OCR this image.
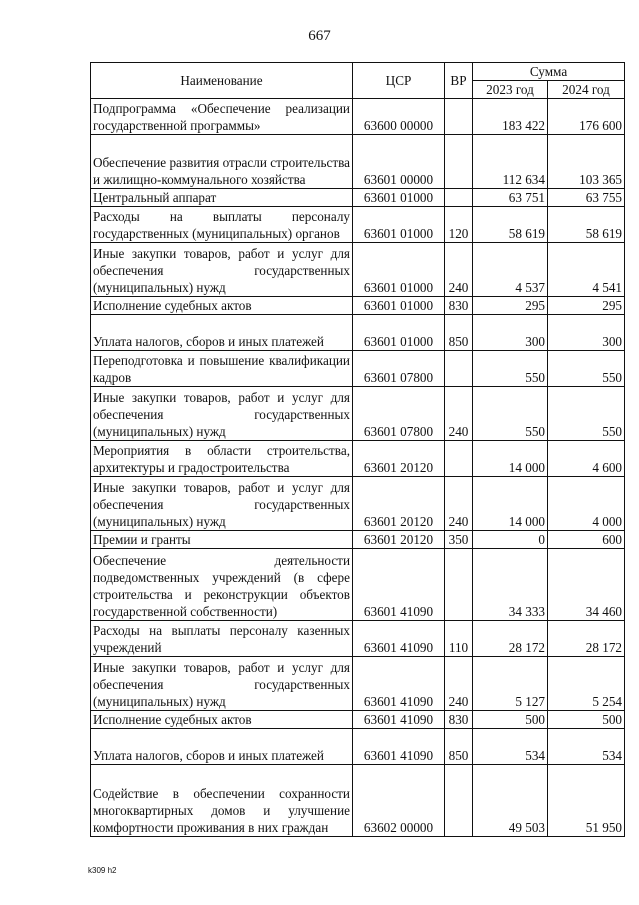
667
Наименование	ЦСР	ВР	Сумма	
			2023 год	2024 год
Подпрограмма «Обеспечение реализации государственной программы»	63600 00000		183 422	176 600
Обеспечение развития отрасли строительства и жилищно-коммунального хозяйства	63601 00000		112 634	103 365
Центральный аппарат	63601 01000		63 751	63 755
Расходы на выплаты персоналу государственных (муниципальных) органов	63601 01000	120	58 619	58 619
Иные закупки товаров, работ и услуг для обеспечения государственных (муниципальных) нужд	63601 01000	240	4 537	4 541
Исполнение судебных актов	63601 01000	830	295	295
Уплата налогов, сборов и иных платежей	63601 01000	850	300	300
Переподготовка и повышение квалификации кадров	63601 07800		550	550
Иные закупки товаров, работ и услуг для обеспечения государственных (муниципальных) нужд	63601 07800	240	550	550
Мероприятия в области строительства, архитектуры и градостроительства	63601 20120		14 000	4 600
Иные закупки товаров, работ и услуг для обеспечения государственных (муниципальных) нужд	63601 20120	240	14 000	4 000
Премии и гранты	63601 20120	350	0	600
Обеспечение деятельности подведомственных учреждений (в сфере строительства и реконструкции объектов государственной собственности)	63601 41090		34 333	34 460
Расходы на выплаты персоналу казенных учреждений	63601 41090	110	28 172	28 172
Иные закупки товаров, работ и услуг для обеспечения государственных (муниципальных) нужд	63601 41090	240	5 127	5 254
Исполнение судебных актов	63601 41090	830	500	500
Уплата налогов, сборов и иных платежей	63601 41090	850	534	534
Содействие в обеспечении сохранности многоквартирных домов и улучшение комфортности проживания в них граждан	63602 00000		49 503	51 950
k309 h2
